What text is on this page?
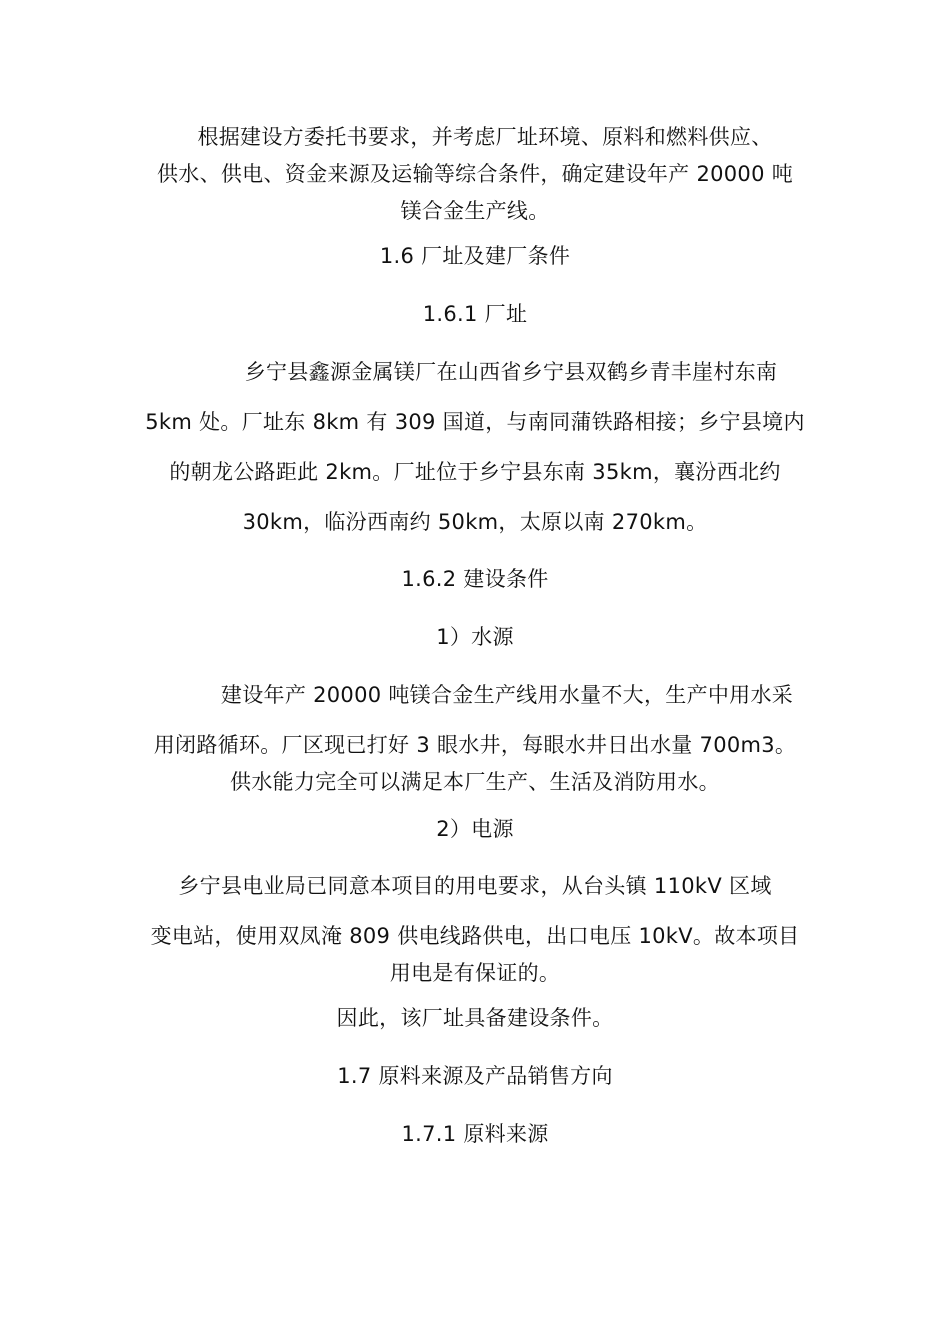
根据建设方委托书要求，并考虑厂址环境、原料和燃料供应、
供水、供电、资金来源及运输等综合条件，确定建设年产 20000 吨
镁合金生产线。
1.6 厂址及建厂条件
1.6.1 厂址
乡宁县鑫源金属镁厂在山西省乡宁县双鹤乡青丰崖村东南
5km 处。厂址东 8km 有 309 国道，与南同蒲铁路相接；乡宁县境内
的朝龙公路距此 2km。厂址位于乡宁县东南 35km，襄汾西北约
30km，临汾西南约 50km，太原以南 270km。
1.6.2 建设条件
1）水源
建设年产 20000 吨镁合金生产线用水量不大，生产中用水采
用闭路循环。厂区现已打好 3 眼水井，每眼水井日出水量 700m3。
供水能力完全可以满足本厂生产、生活及消防用水。
2）电源
乡宁县电业局已同意本项目的用电要求，从台头镇 110kV 区域
变电站，使用双凤淹 809 供电线路供电，出口电压 10kV。故本项目
用电是有保证的。
因此，该厂址具备建设条件。
1.7 原料来源及产品销售方向
1.7.1 原料来源
